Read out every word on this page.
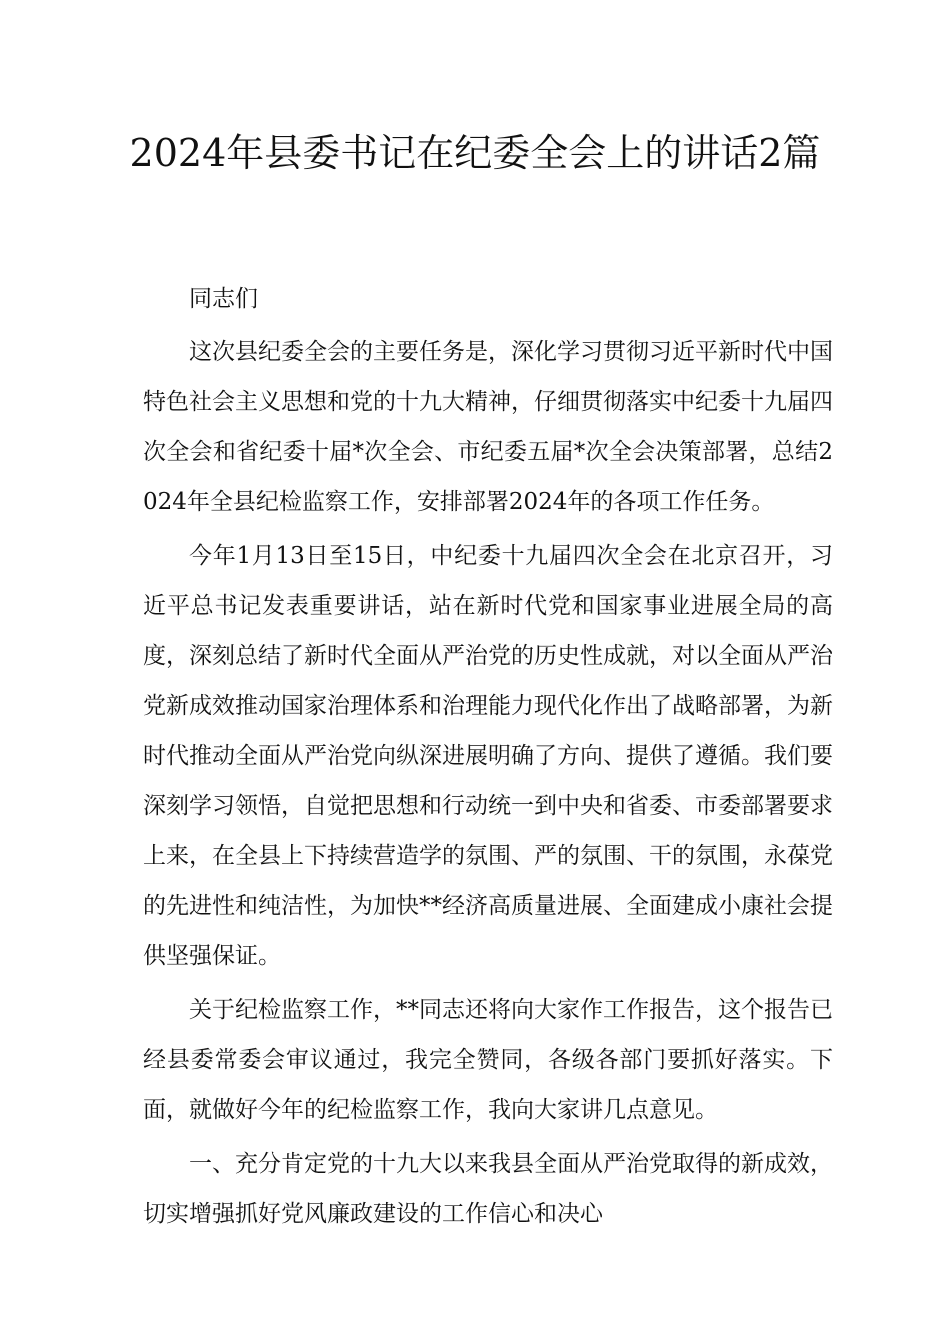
2024年县委书记在纪委全会上的讲话2篇

同志们

这次县纪委全会的主要任务是，深化学习贯彻习近平新时代中国特色社会主义思想和党的十九大精神，仔细贯彻落实中纪委十九届四次全会和省纪委十届*次全会、市纪委五届*次全会决策部署，总结2024年全县纪检监察工作，安排部署2024年的各项工作任务。

今年1月13日至15日，中纪委十九届四次全会在北京召开，习近平总书记发表重要讲话，站在新时代党和国家事业进展全局的高度，深刻总结了新时代全面从严治党的历史性成就，对以全面从严治党新成效推动国家治理体系和治理能力现代化作出了战略部署，为新时代推动全面从严治党向纵深进展明确了方向、提供了遵循。我们要深刻学习领悟，自觉把思想和行动统一到中央和省委、市委部署要求上来，在全县上下持续营造学的氛围、严的氛围、干的氛围，永葆党的先进性和纯洁性，为加快**经济高质量进展、全面建成小康社会提供坚强保证。

关于纪检监察工作，**同志还将向大家作工作报告，这个报告已经县委常委会审议通过，我完全赞同，各级各部门要抓好落实。下面，就做好今年的纪检监察工作，我向大家讲几点意见。

一、充分肯定党的十九大以来我县全面从严治党取得的新成效，切实增强抓好党风廉政建设的工作信心和决心
